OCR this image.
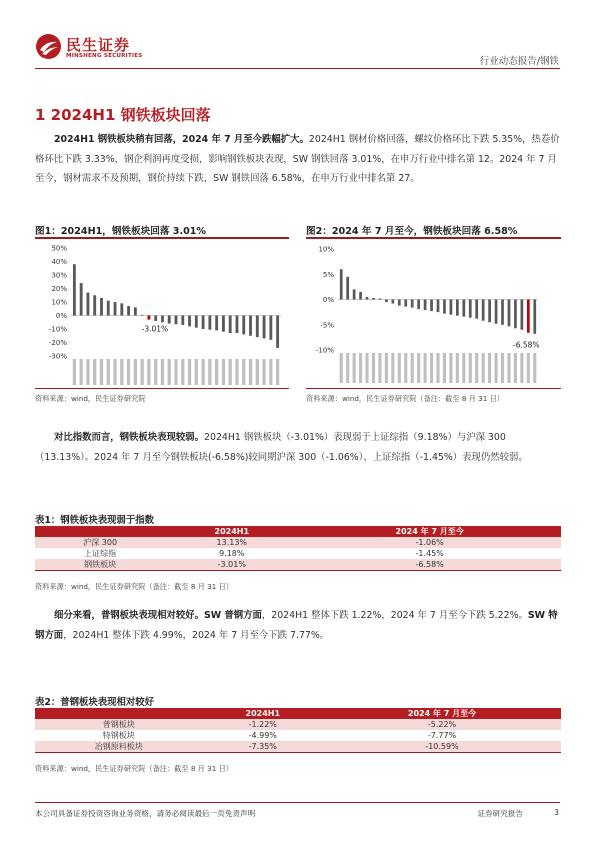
民生证券
MINSHENG SECURITIES	行业动态报告/钢铁
1 2024H1 钢铁板块回落
2024H1 钢铁板块稍有回落，2024 年 7 月至今跌幅扩大。2024H1 钢材价格回落，螺纹价格环比下跌 5.35%，热卷价格环比下跌 3.33%，钢企利润再度受损，影响钢铁板块表现，SW 钢铁回落 3.01%，在申万行业中排名第 12。2024 年 7 月至今，钢材需求不及预期，钢价持续下跌，SW 钢铁回落 6.58%，在申万行业中排名第 27。
图1：2024H1，钢铁板块回落 3.01%
50%
40%
30%
20%
10%
0%
-10%
-20%
-30%
-3.01%
资料来源：wind，民生证券研究院
图2：2024 年 7 月至今，钢铁板块回落 6.58%
10%
5%
0%
-5%
-10%
-6.58%
资料来源：wind，民生证券研究院（备注：截至 8 月 31 日）
对比指数而言，钢铁板块表现较弱。2024H1 钢铁板块（-3.01%）表现弱于上证综指（9.18%）与沪深 300（13.13%）。2024 年 7 月至今钢铁板块(-6.58%)较同期沪深 300（-1.06%）、上证综指（-1.45%）表现仍然较弱。
表1：钢铁板块表现弱于指数
	2024H1	2024 年 7 月至今
沪深 300	13.13%	-1.06%
上证综指	9.18%	-1.45%
钢铁板块	-3.01%	-6.58%
资料来源：wind，民生证券研究院（备注：截至 8 月 31 日）
细分来看，普钢板块表现相对较好。SW 普钢方面，2024H1 整体下跌 1.22%，2024 年 7 月至今下跌 5.22%。SW 特钢方面，2024H1 整体下跌 4.99%，2024 年 7 月至今下跌 7.77%。
表2：普钢板块表现相对较好
	2024H1	2024 年 7 月至今
普钢板块	-1.22%	-5.22%
特钢板块	-4.99%	-7.77%
冶钢原料板块	-7.35%	-10.59%
资料来源：wind，民生证券研究院（备注：截至 8 月 31 日）
本公司具备证券投资咨询业务资格，请务必阅读最后一页免责声明	证券研究报告	3
